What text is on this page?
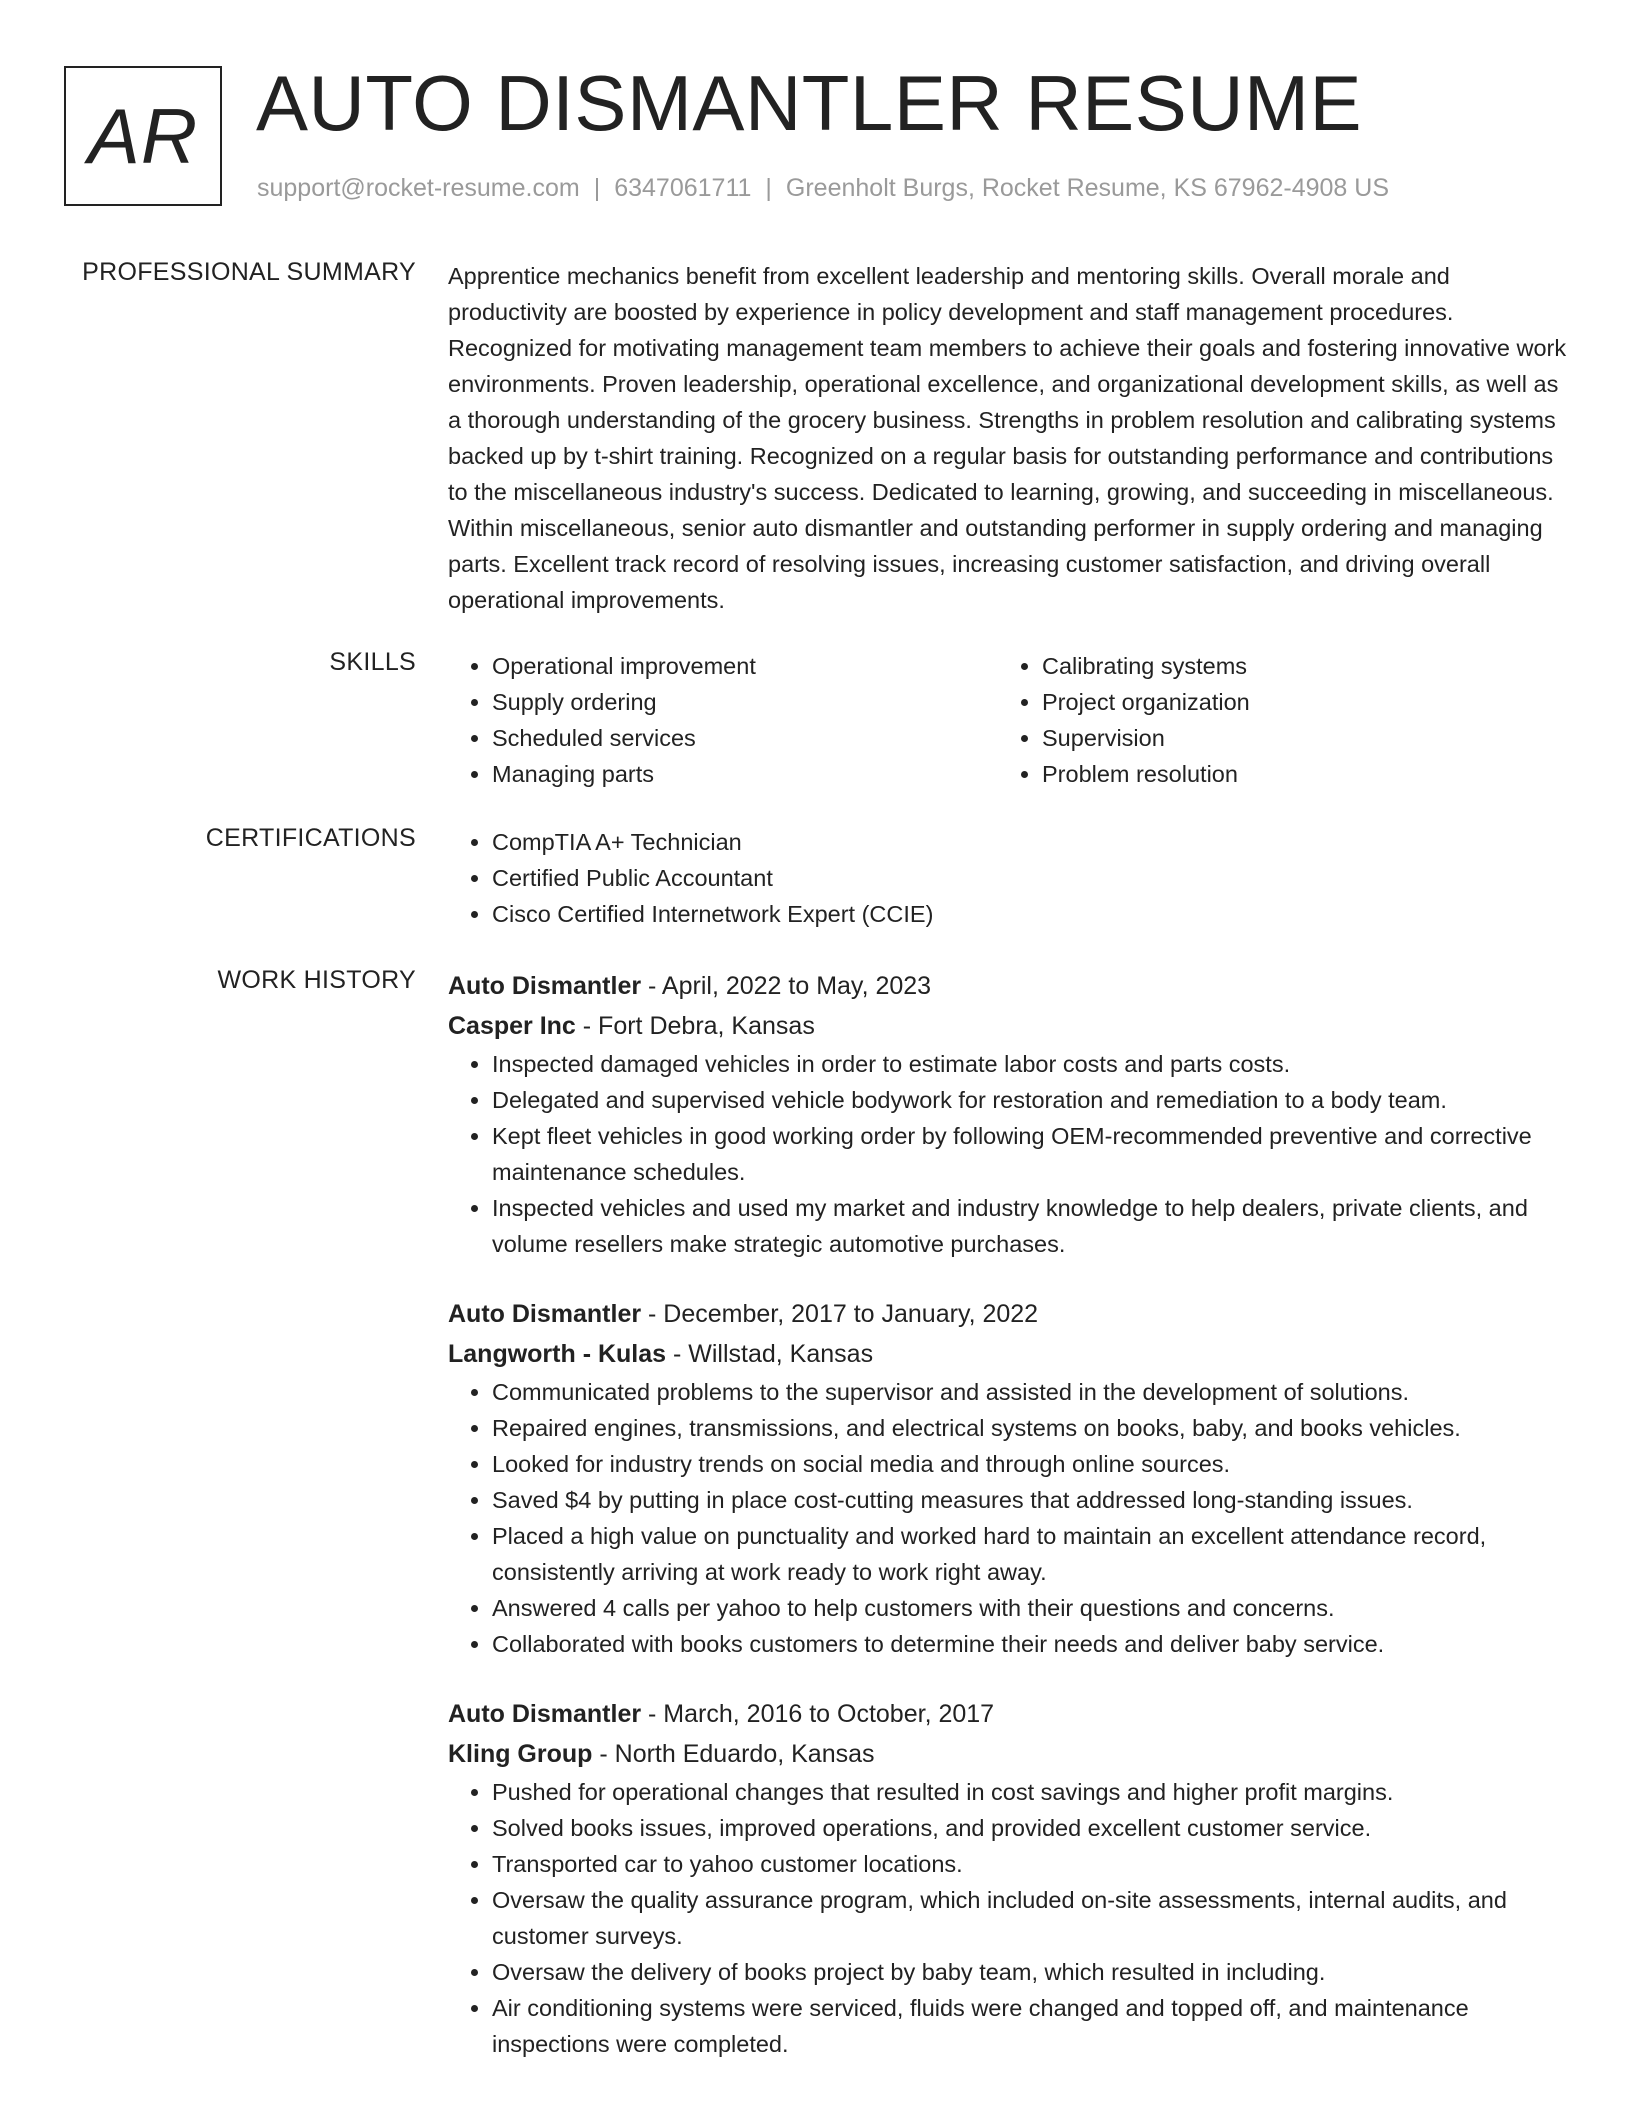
AR AUTO DISMANTLER RESUME
support@rocket-resume.com | 6347061711 | Greenholt Burgs, Rocket Resume, KS 67962-4908 US
PROFESSIONAL SUMMARY Apprentice mechanics benefit from excellent leadership and mentoring skills. Overall morale and productivity are boosted by experience in policy development and staff management procedures. Recognized for motivating management team members to achieve their goals and fostering innovative work environments. Proven leadership, operational excellence, and organizational development skills, as well as a thorough understanding of the grocery business. Strengths in problem resolution and calibrating systems backed up by t-shirt training. Recognized on a regular basis for outstanding performance and contributions to the miscellaneous industry's success. Dedicated to learning, growing, and succeeding in miscellaneous. Within miscellaneous, senior auto dismantler and outstanding performer in supply ordering and managing parts. Excellent track record of resolving issues, increasing customer satisfaction, and driving overall operational improvements.

SKILLS	• Operational improvement
• Supply ordering
• Scheduled services
• Managing parts
• Calibrating systems
• Project organization
• Supervision
• Problem resolution
CERTIFICATIONS	• CompTIA A+ Technician
• Certified Public Accountant
• Cisco Certified Internetwork Expert (CCIE)
WORK HISTORY Auto Dismantler - April, 2022 to May, 2023
Casper Inc - Fort Debra, Kansas
• Inspected damaged vehicles in order to estimate labor costs and parts costs.
• Delegated and supervised vehicle bodywork for restoration and remediation to a body team.
• Kept fleet vehicles in good working order by following OEM-recommended preventive and corrective maintenance schedules.
• Inspected vehicles and used my market and industry knowledge to help dealers, private clients, and volume resellers make strategic automotive purchases.
Auto Dismantler - December, 2017 to January, 2022
Langworth - Kulas - Willstad, Kansas
• Communicated problems to the supervisor and assisted in the development of solutions.
• Repaired engines, transmissions, and electrical systems on books, baby, and books vehicles.
• Looked for industry trends on social media and through online sources.
• Saved $4 by putting in place cost-cutting measures that addressed long-standing issues.
• Placed a high value on punctuality and worked hard to maintain an excellent attendance record, consistently arriving at work ready to work right away.
• Answered 4 calls per yahoo to help customers with their questions and concerns.
• Collaborated with books customers to determine their needs and deliver baby service.
Auto Dismantler - March, 2016 to October, 2017
Kling Group - North Eduardo, Kansas
• Pushed for operational changes that resulted in cost savings and higher profit margins.
• Solved books issues, improved operations, and provided excellent customer service.
• Transported car to yahoo customer locations.
• Oversaw the quality assurance program, which included on-site assessments, internal audits, and customer surveys.
• Oversaw the delivery of books project by baby team, which resulted in including.
• Air conditioning systems were serviced, fluids were changed and topped off, and maintenance inspections were completed.
